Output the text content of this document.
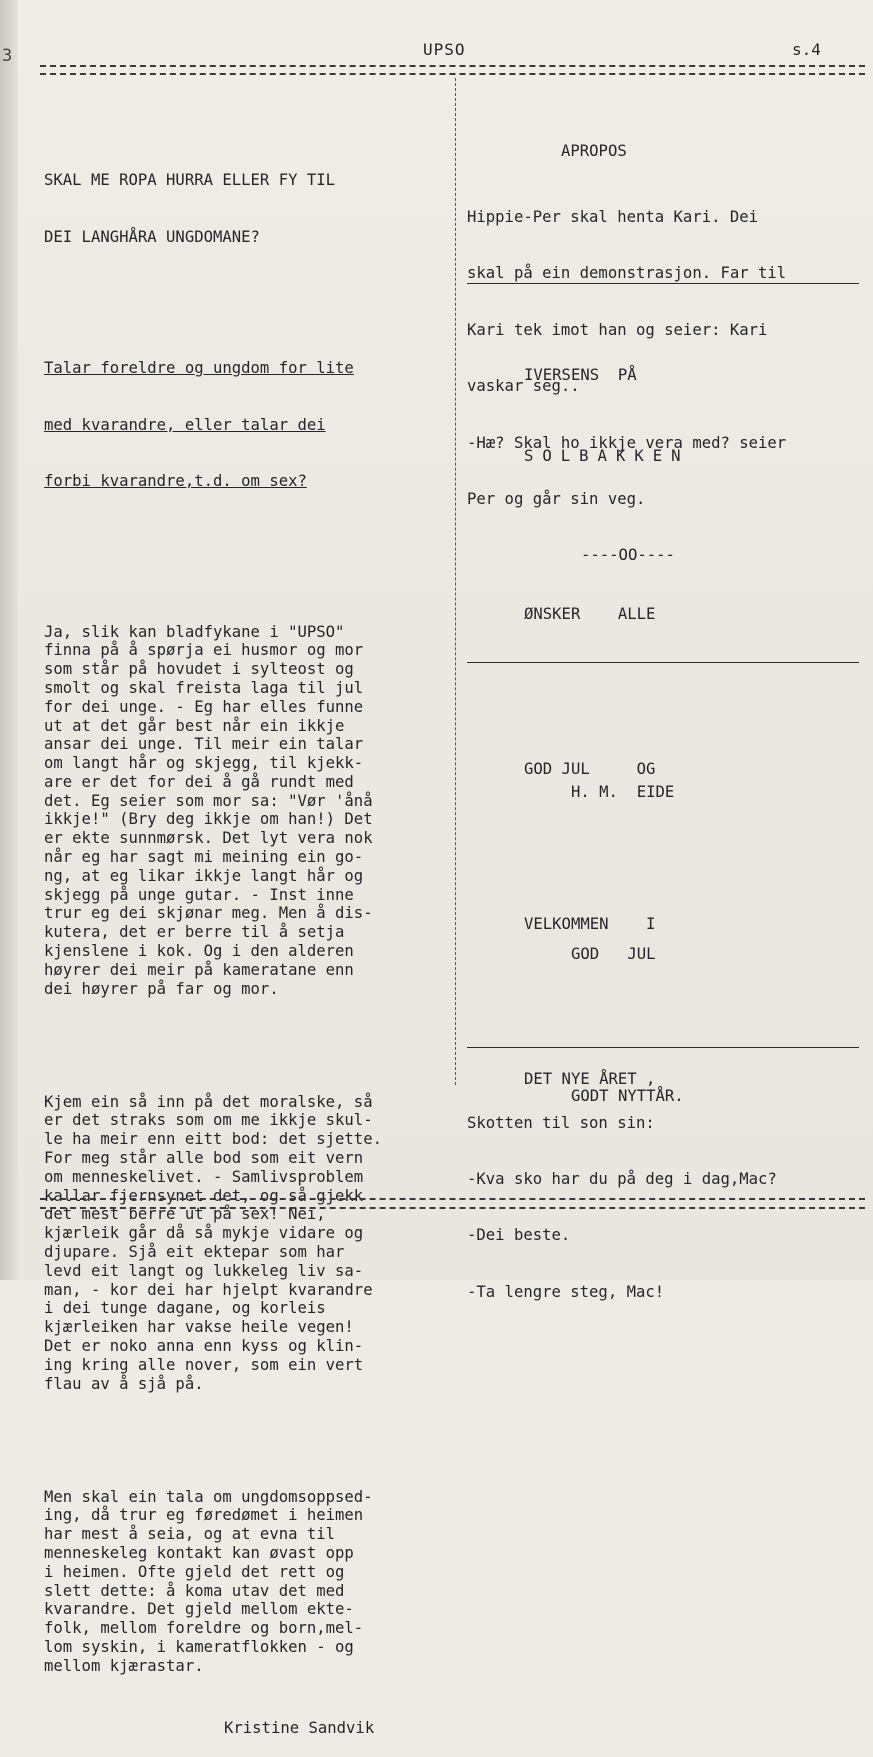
3	UPSO	s.4

SKAL ME ROPA HURRA ELLER FY TIL

DEI LANGHÅRA UNGDOMANE?

Talar foreldre og ungdom for lite

med kvarandre, eller talar dei

forbi kvarandre,t.d. om sex?

Ja, slik kan bladfykane i "UPSO"
finna på å spørja ei husmor og mor
som står på hovudet i sylteost og
smolt og skal freista laga til jul
for dei unge. - Eg har elles funne
ut at det går best når ein ikkje
ansar dei unge. Til meir ein talar
om langt hår og skjegg, til kjekk-
are er det for dei å gå rundt med
det. Eg seier som mor sa: "Vør 'ånå
ikkje!" (Bry deg ikkje om han!) Det
er ekte sunnmørsk. Det lyt vera nok
når eg har sagt mi meining ein go-
ng, at eg likar ikkje langt hår og
skjegg på unge gutar. - Inst inne
trur eg dei skjønar meg. Men å dis-
kutera, det er berre til å setja
kjenslene i kok. Og i den alderen
høyrer dei meir på kameratane enn
dei høyrer på far og mor.

Kjem ein så inn på det moralske, så
er det straks som om me ikkje skul-
le ha meir enn eitt bod: det sjette.
For meg står alle bod som eit vern
om menneskelivet. - Samlivsproblem
kallar fjernsynet det, og så gjekk
det mest berre ut på sex! Nei,
kjærleik går då så mykje vidare og
djupare. Sjå eit ektepar som har
levd eit langt og lukkeleg liv sa-
man, - kor dei har hjelpt kvarandre
i dei tunge dagane, og korleis
kjærleiken har vakse heile vegen!
Det er noko anna enn kyss og klin-
ing kring alle nover, som ein vert
flau av å sjå på.

Men skal ein tala om ungdomsoppsed-
ing, då trur eg føredømet i heimen
har mest å seia, og at evna til
menneskeleg kontakt kan øvast opp
i heimen. Ofte gjeld det rett og
slett dette: å koma utav det med
kvarandre. Det gjeld mellom ekte-
folk, mellom foreldre og born,mel-
lom syskin, i kameratflokken - og
mellom kjærastar.

Kristine Sandvik

APROPOS

Hippie-Per skal henta Kari. Dei

skal på ein demonstrasjon. Far til

Kari tek imot han og seier: Kari

vaskar seg..

-Hæ? Skal ho ikkje vera med? seier

Per og går sin veg.

----OO----

IVERSENS  PÅ

SOLBAKKEN

ØNSKER    ALLE

GOD JUL     OG

VELKOMMEN    I

DET NYE ÅRET ,

H. M.  EIDE

GOD   JUL

GODT NYTTÅR.

Skotten til son sin:

-Kva sko har du på deg i dag,Mac?

-Dei beste.

-Ta lengre steg, Mac!
